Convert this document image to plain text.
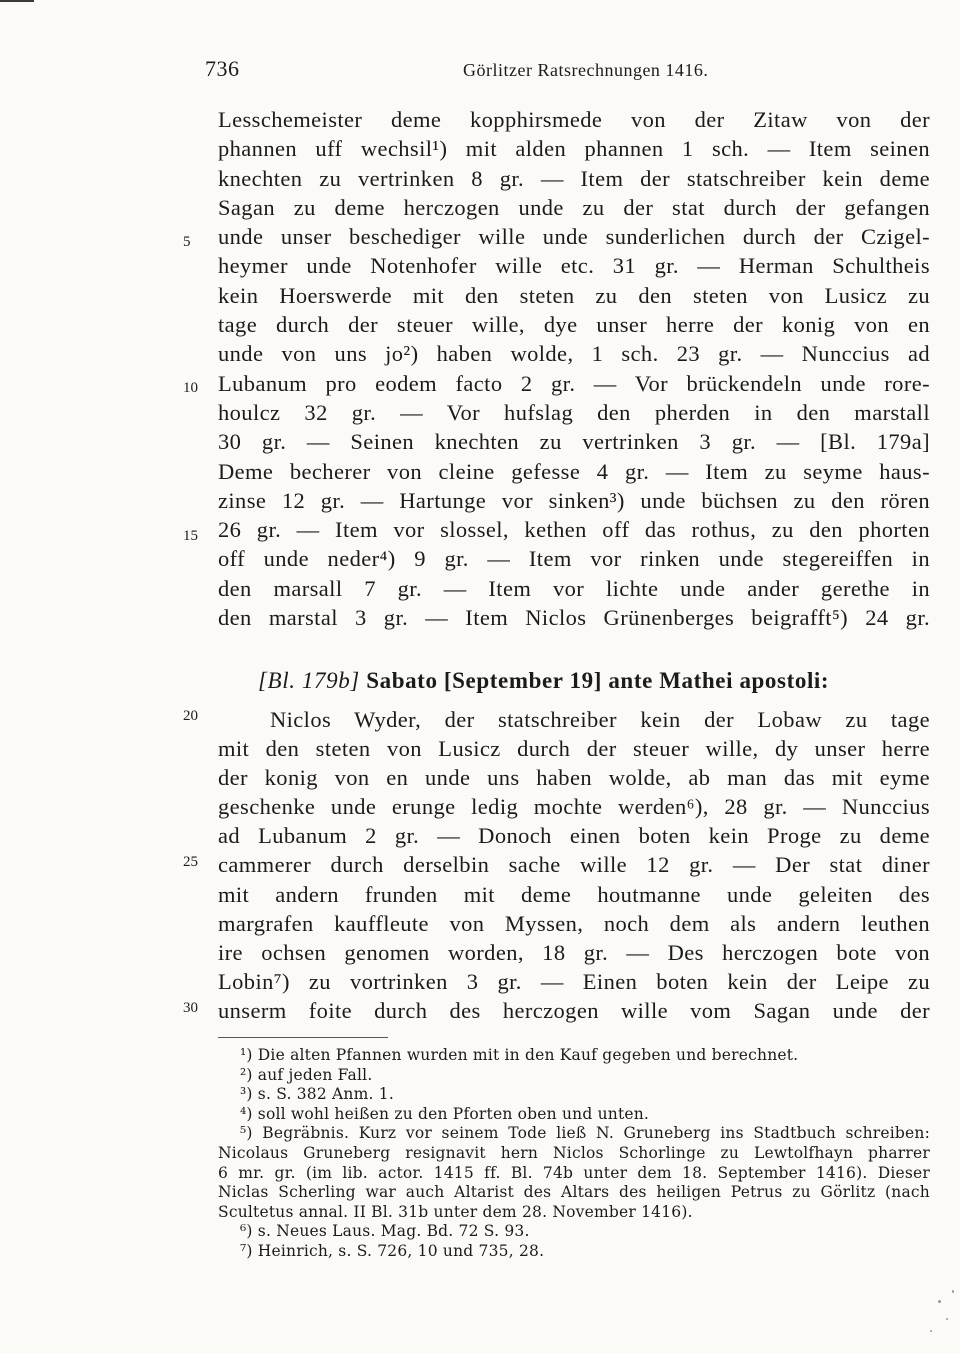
736	Görlitzer Ratsrechnungen 1416.
5
10
15
20
25
30
Lesschemeister deme kopphirsmede von der Zitaw von der
phannen uff wechsil¹) mit alden phannen 1 sch. — Item seinen
knechten zu vertrinken 8 gr. — Item der statschreiber kein deme
Sagan zu deme herczogen unde zu der stat durch der gefangen
unde unser beschediger wille unde sunderlichen durch der Czigel-
heymer unde Notenhofer wille etc. 31 gr. — Herman Schultheis
kein Hoerswerde mit den steten zu den steten von Lusicz zu
tage durch der steuer wille, dye unser herre der konig von en
unde von uns jo²) haben wolde, 1 sch. 23 gr. — Nunccius ad
Lubanum pro eodem facto 2 gr. — Vor brückendeln unde rore-
houlcz 32 gr. — Vor hufslag den pherden in den marstall
30 gr. — Seinen knechten zu vertrinken 3 gr. — [Bl. 179a]
Deme becherer von cleine gefesse 4 gr. — Item zu seyme haus-
zinse 12 gr. — Hartunge vor sinken³) unde büchsen zu den rören
26 gr. — Item vor slossel, kethen off das rothus, zu den phorten
off unde neder⁴) 9 gr. — Item vor rinken unde stegereiffen in
den marsall 7 gr. — Item vor lichte unde ander gerethe in
den marstal 3 gr. — Item Niclos Grünenberges beigrafft⁵) 24 gr.
[Bl. 179b] Sabato [September 19] ante Mathei apostoli:
Niclos Wyder, der statschreiber kein der Lobaw zu tage
mit den steten von Lusicz durch der steuer wille, dy unser herre
der konig von en unde uns haben wolde, ab man das mit eyme
geschenke unde erunge ledig mochte werden⁶), 28 gr. — Nunccius
ad Lubanum 2 gr. — Donoch einen boten kein Proge zu deme
cammerer durch derselbin sache wille 12 gr. — Der stat diner
mit andern frunden mit deme houtmanne unde geleiten des
margrafen kauffleute von Myssen, noch dem als andern leuthen
ire ochsen genomen worden, 18 gr. — Des herczogen bote von
Lobin⁷) zu vortrinken 3 gr. — Einen boten kein der Leipe zu
unserm foite durch des herczogen wille vom Sagan unde der
¹) Die alten Pfannen wurden mit in den Kauf gegeben und berechnet.
²) auf jeden Fall.
³) s. S. 382 Anm. 1.
⁴) soll wohl heißen zu den Pforten oben und unten.
⁵) Begräbnis. Kurz vor seinem Tode ließ N. Gruneberg ins Stadtbuch schreiben:
Nicolaus Gruneberg resignavit hern Niclos Schorlinge zu Lewtolfhayn pharrer
6 mr. gr. (im lib. actor. 1415 ff. Bl. 74b unter dem 18. September 1416). Dieser
Niclas Scherling war auch Altarist des Altars des heiligen Petrus zu Görlitz (nach
Scultetus annal. II Bl. 31b unter dem 28. November 1416).
⁶) s. Neues Laus. Mag. Bd. 72 S. 93.
⁷) Heinrich, s. S. 726, 10 und 735, 28.
